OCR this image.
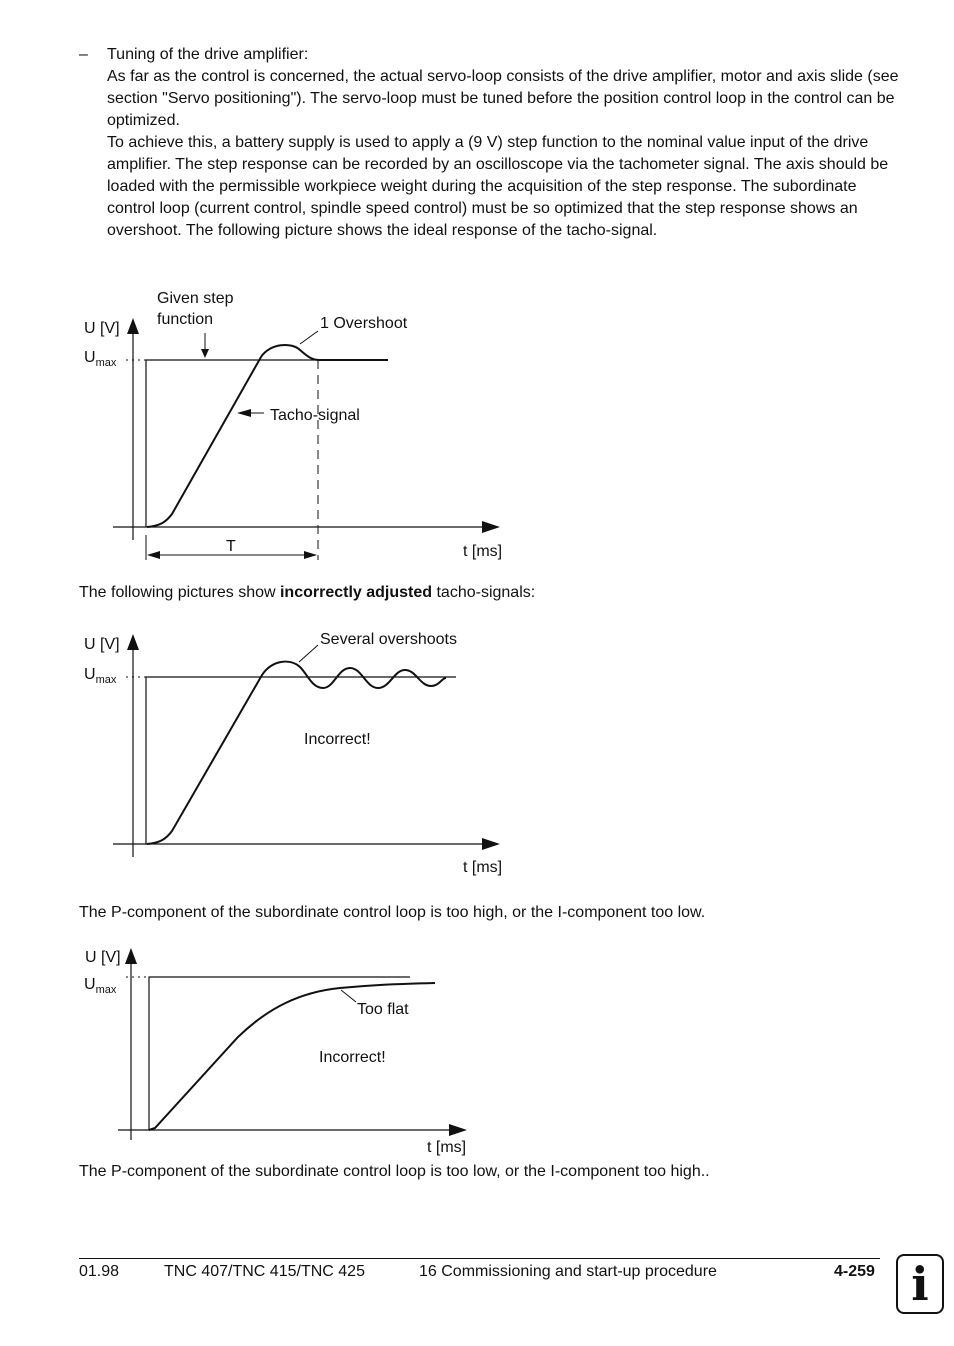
– Tuning of the drive amplifier:

As far as the control is concerned, the actual servo-loop consists of the drive amplifier, motor and axis slide (see section "Servo positioning"). The servo-loop must be tuned before the position control loop in the control can be optimized.

To achieve this, a battery supply is used to apply a (9 V) step function to the nominal value input of the drive amplifier. The step response can be recorded by an oscilloscope via the tachometer signal. The axis should be loaded with the permissible workpiece weight during the acquisition of the step response. The subordinate control loop (current control, spindle speed control) must be so optimized that the step response shows an overshoot. The following picture shows the ideal response of the tacho-signal.

U [V]
$U_{max}$
Given step
function	1 Overshoot
Tacho-signal
T	t [ms]

The following pictures show incorrectly adjusted tacho-signals:

U [V]
$U_{max}$
Several overshoots
Incorrect!
t [ms]

The P-component of the subordinate control loop is too high, or the I-component too low.

U [V]
$U_{max}$
Too flat
Incorrect!
t [ms]

The P-component of the subordinate control loop is too low, or the I-component too high..

01.98	TNC 407/TNC 415/TNC 425	16 Commissioning and start-up procedure	4-259 i
